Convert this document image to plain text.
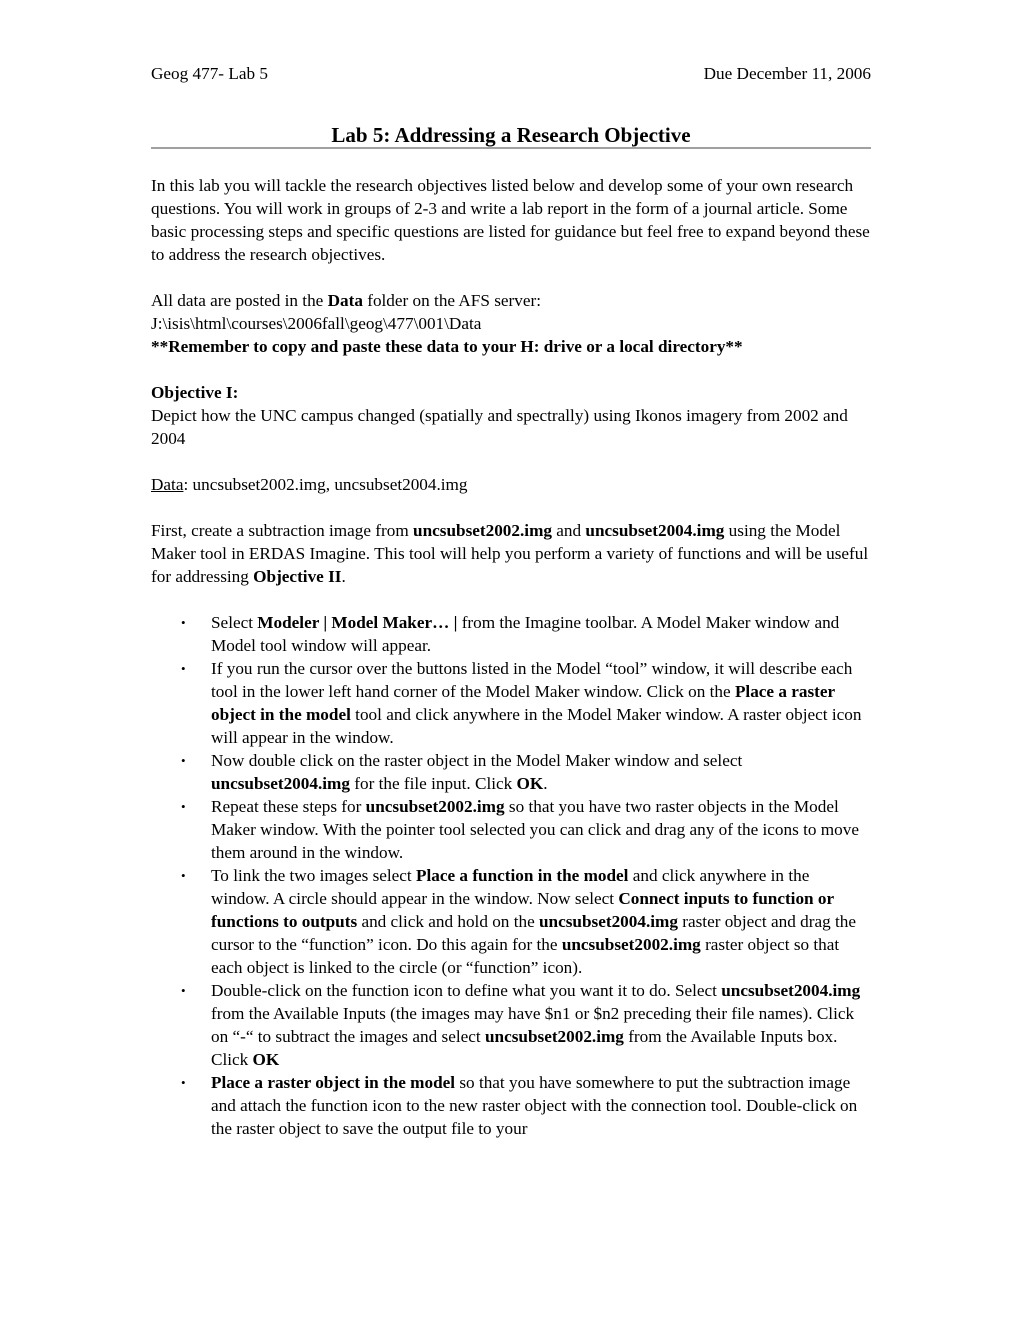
Geog 477- Lab 5	Due December 11, 2006
Lab 5: Addressing a Research Objective

In this lab you will tackle the research objectives listed below and develop some of your own research questions. You will work in groups of 2-3 and write a lab report in the form of a journal article. Some basic processing steps and specific questions are listed for guidance but feel free to expand beyond these to address the research objectives.

All data are posted in the Data folder on the AFS server:
J:\isis\html\courses\2006fall\geog\477\001\Data
**Remember to copy and paste these data to your H: drive or a local directory**

Objective I:
Depict how the UNC campus changed (spatially and spectrally) using Ikonos imagery from 2002 and 2004

Data: uncsubset2002.img, uncsubset2004.img

First, create a subtraction image from uncsubset2002.img and uncsubset2004.img using the Model Maker tool in ERDAS Imagine. This tool will help you perform a variety of functions and will be useful for addressing Objective II.

• Select Modeler | Model Maker… | from the Imagine toolbar. A Model Maker window and Model tool window will appear.
• If you run the cursor over the buttons listed in the Model “tool” window, it will describe each tool in the lower left hand corner of the Model Maker window. Click on the Place a raster object in the model tool and click anywhere in the Model Maker window. A raster object icon will appear in the window.
• Now double click on the raster object in the Model Maker window and select uncsubset2004.img for the file input. Click OK.
• Repeat these steps for uncsubset2002.img so that you have two raster objects in the Model Maker window. With the pointer tool selected you can click and drag any of the icons to move them around in the window.
• To link the two images select Place a function in the model and click anywhere in the window. A circle should appear in the window. Now select Connect inputs to function or functions to outputs and click and hold on the uncsubset2004.img raster object and drag the cursor to the “function” icon. Do this again for the uncsubset2002.img raster object so that each object is linked to the circle (or “function” icon).
• Double-click on the function icon to define what you want it to do. Select uncsubset2004.img from the Available Inputs (the images may have $n1 or $n2 preceding their file names). Click on “-“ to subtract the images and select uncsubset2002.img from the Available Inputs box. Click OK
• Place a raster object in the model so that you have somewhere to put the subtraction image and attach the function icon to the new raster object with the connection tool. Double-click on the raster object to save the output file to your
